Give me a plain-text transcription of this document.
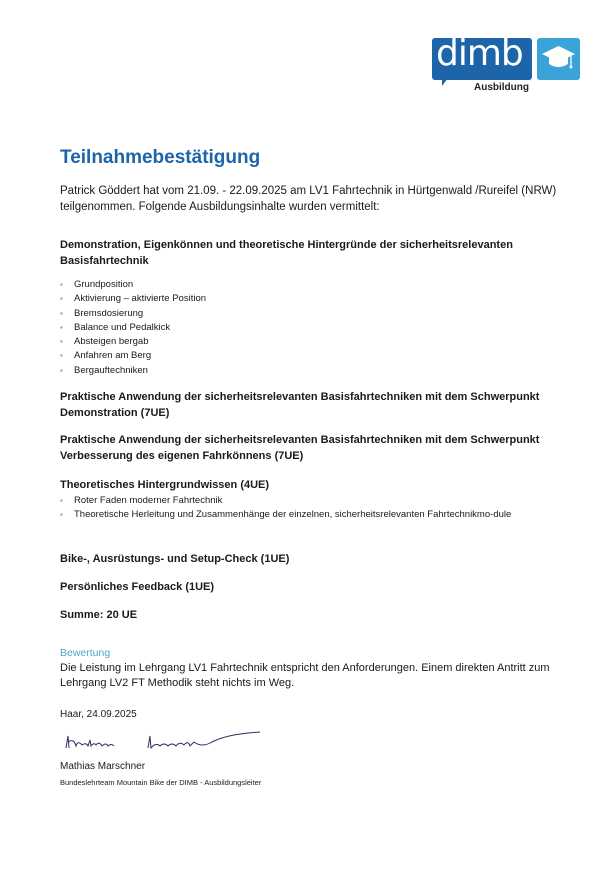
dimb
Ausbildung
Teilnahmebestätigung
Patrick Göddert hat vom 21.09. - 22.09.2025 am LV1 Fahrtechnik in Hürtgenwald /Rureifel (NRW) teilgenommen. Folgende Ausbildungsinhalte wurden vermittelt:
Demonstration, Eigenkönnen und theoretische Hintergründe der sicherheitsrelevanten Basisfahrtechnik
▪ Grundposition
▪ Aktivierung – aktivierte Position
▪ Bremsdosierung
▪ Balance und Pedalkick
▪ Absteigen bergab
▪ Anfahren am Berg
▪ Bergauftechniken
Praktische Anwendung der sicherheitsrelevanten Basisfahrtechniken mit dem Schwerpunkt Demonstration (7UE)
Praktische Anwendung der sicherheitsrelevanten Basisfahrtechniken mit dem Schwerpunkt Verbesserung des eigenen Fahrkönnens (7UE)
Theoretisches Hintergrundwissen (4UE)
▪ Roter Faden moderner Fahrtechnik
▪ Theoretische Herleitung und Zusammenhänge der einzelnen, sicherheitsrelevanten Fahrtechnikmo-dule
Bike-, Ausrüstungs- und Setup-Check (1UE)
Persönliches Feedback (1UE)
Summe: 20 UE
Bewertung
Die Leistung im Lehrgang LV1 Fahrtechnik entspricht den Anforderungen. Einem direkten Antritt zum Lehrgang LV2 FT Methodik steht nichts im Weg.
Haar, 24.09.2025
Mathias Marschner
Bundeslehrteam Mountain Bike der DIMB - Ausbildungsleiter
